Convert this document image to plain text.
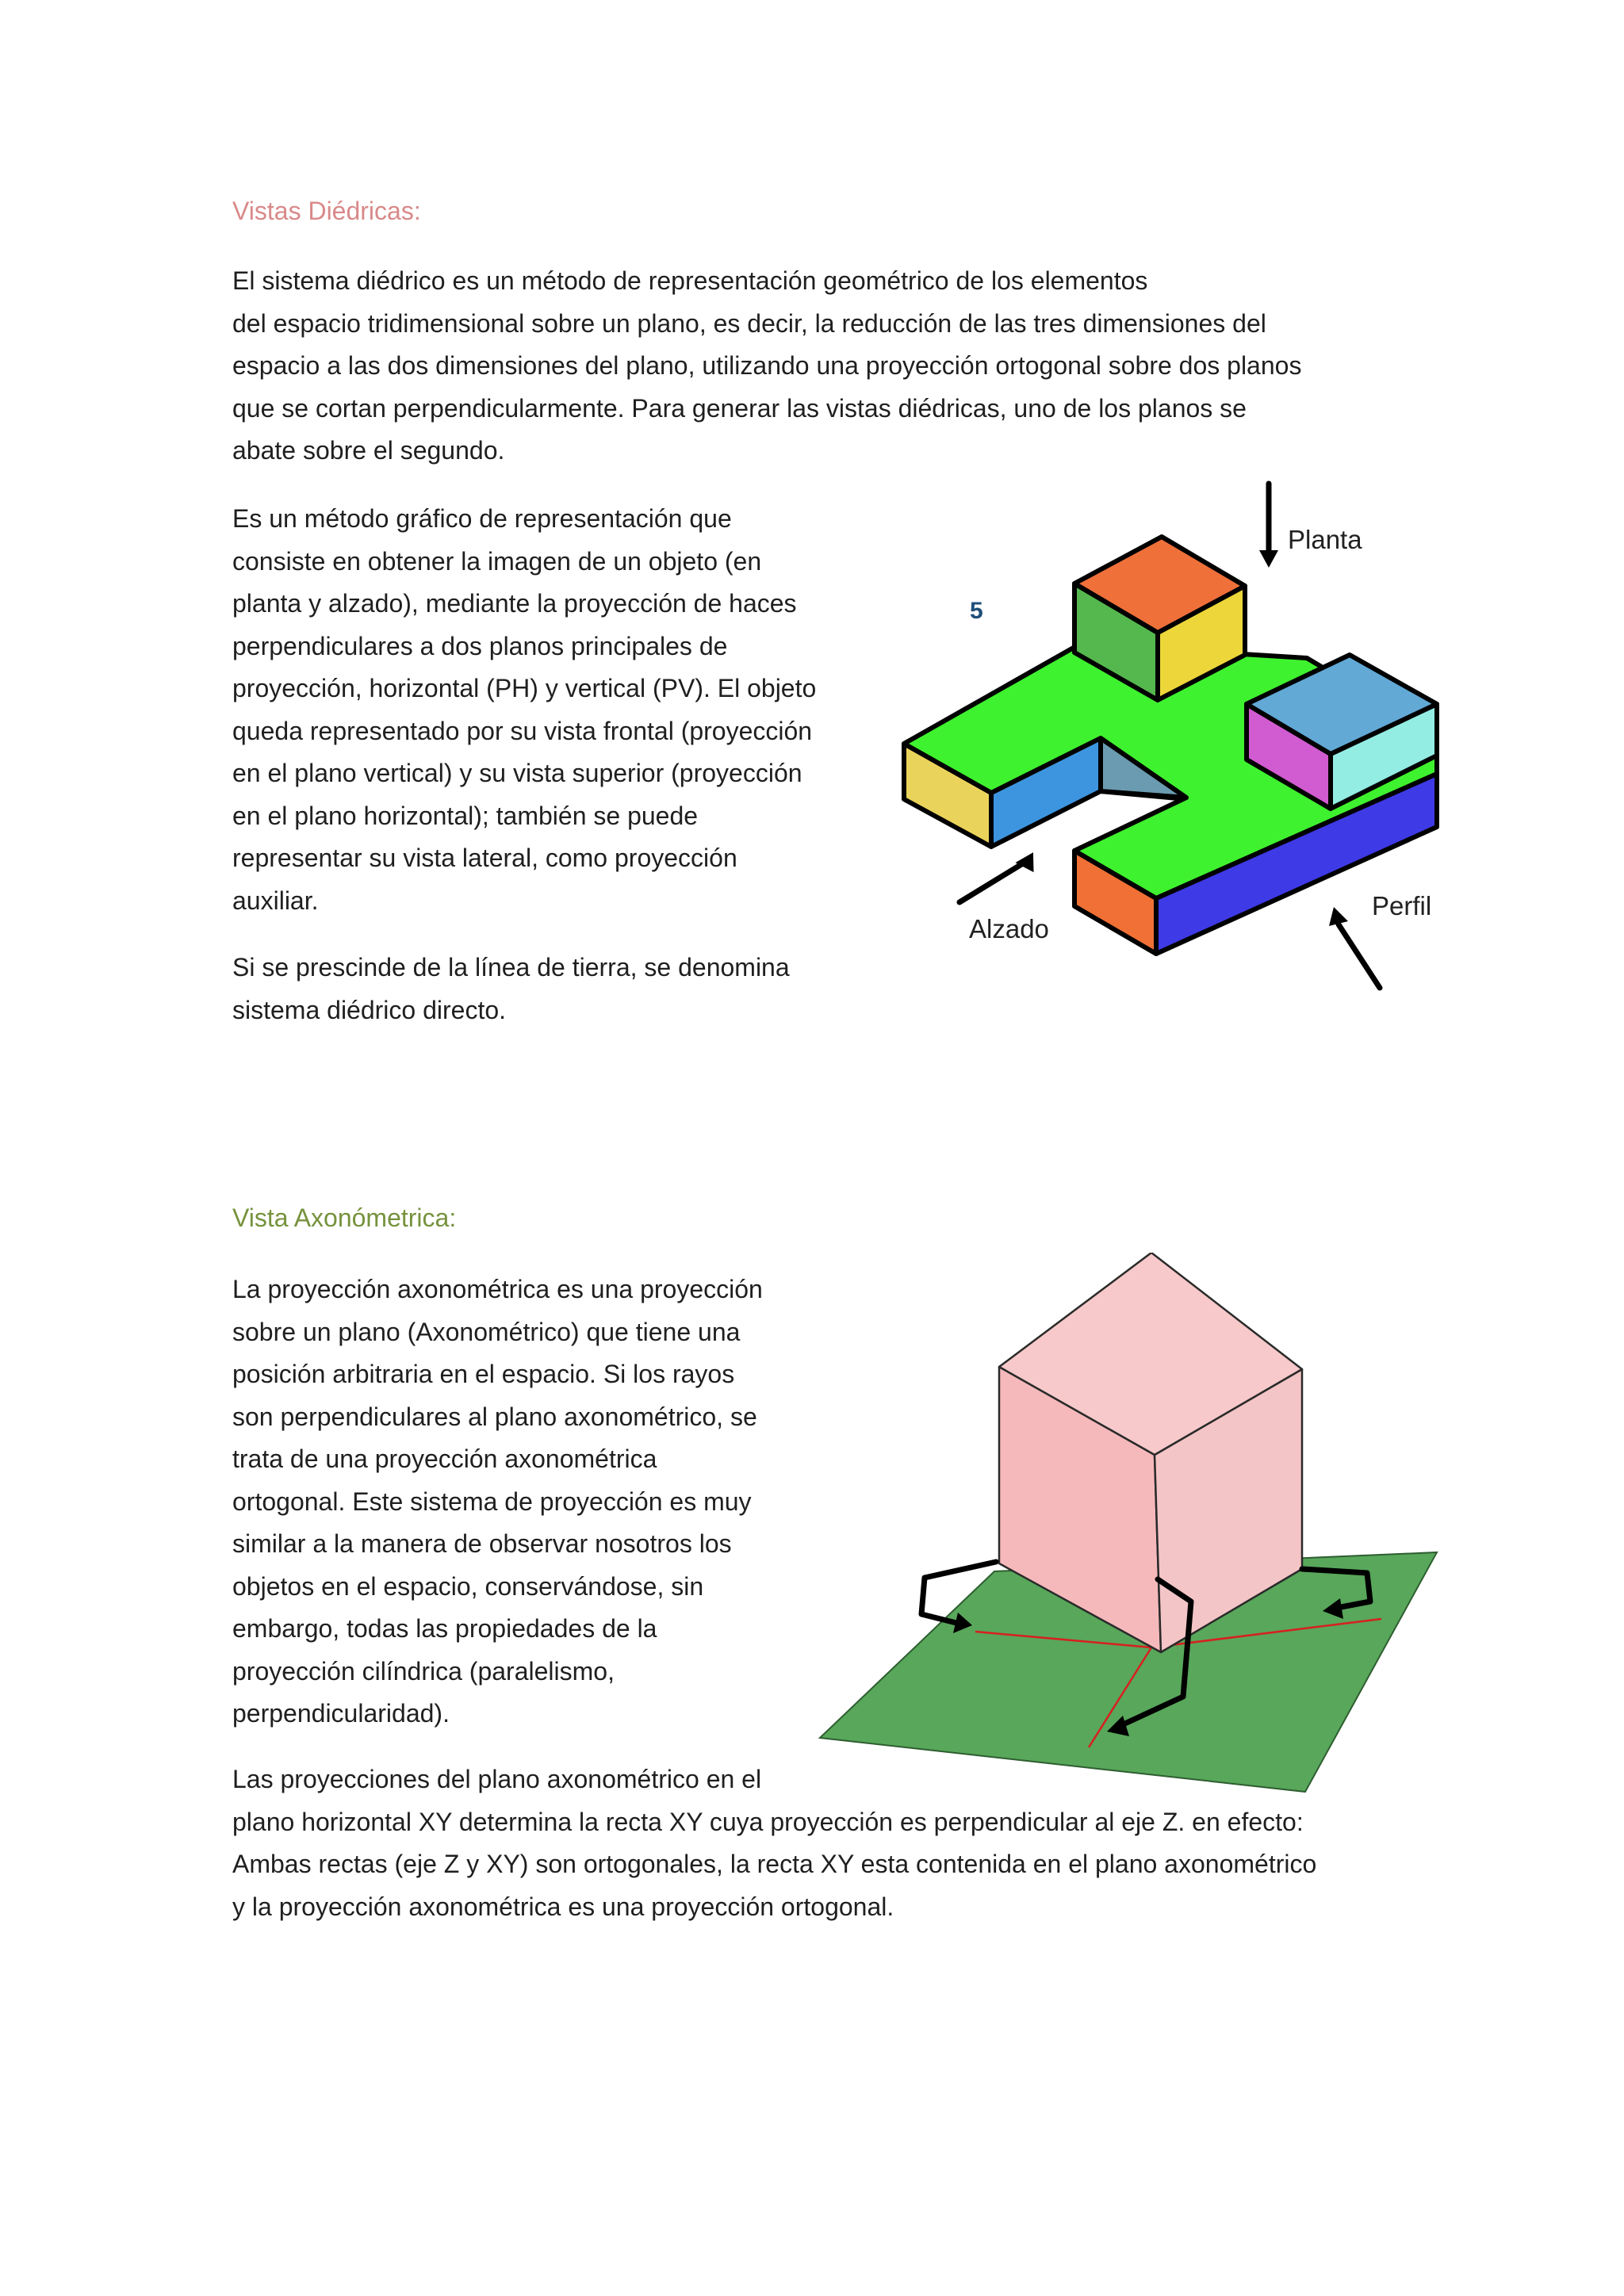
Vistas Diédricas:

El sistema diédrico es un método de representación geométrico de los elementos
del espacio tridimensional sobre un plano, es decir, la reducción de las tres dimensiones del
espacio a las dos dimensiones del plano, utilizando una proyección ortogonal sobre dos planos
que se cortan perpendicularmente. Para generar las vistas diédricas, uno de los planos se
abate sobre el segundo.

Es un método gráfico de representación que
consiste en obtener la imagen de un objeto (en
planta y alzado), mediante la proyección de haces
perpendiculares a dos planos principales de
proyección, horizontal (PH) y vertical (PV). El objeto
queda representado por su vista frontal (proyección
en el plano vertical) y su vista superior (proyección
en el plano horizontal); también se puede
representar su vista lateral, como proyección
auxiliar.

Si se prescinde de la línea de tierra, se denomina
sistema diédrico directo.

Planta
5
Alzado
Perfil
Vista Axonómetrica:

La proyección axonométrica es una proyección
sobre un plano (Axonométrico) que tiene una
posición arbitraria en el espacio. Si los rayos
son perpendiculares al plano axonométrico, se
trata de una proyección axonométrica
ortogonal. Este sistema de proyección es muy
similar a la manera de observar nosotros los
objetos en el espacio, conservándose, sin
embargo, todas las propiedades de la
proyección cilíndrica (paralelismo,
perpendicularidad).

Las proyecciones del plano axonométrico en el
plano horizontal XY determina la recta XY cuya proyección es perpendicular al eje Z. en efecto:
Ambas rectas (eje Z y XY) son ortogonales, la recta XY esta contenida en el plano axonométrico
y la proyección axonométrica es una proyección ortogonal.
